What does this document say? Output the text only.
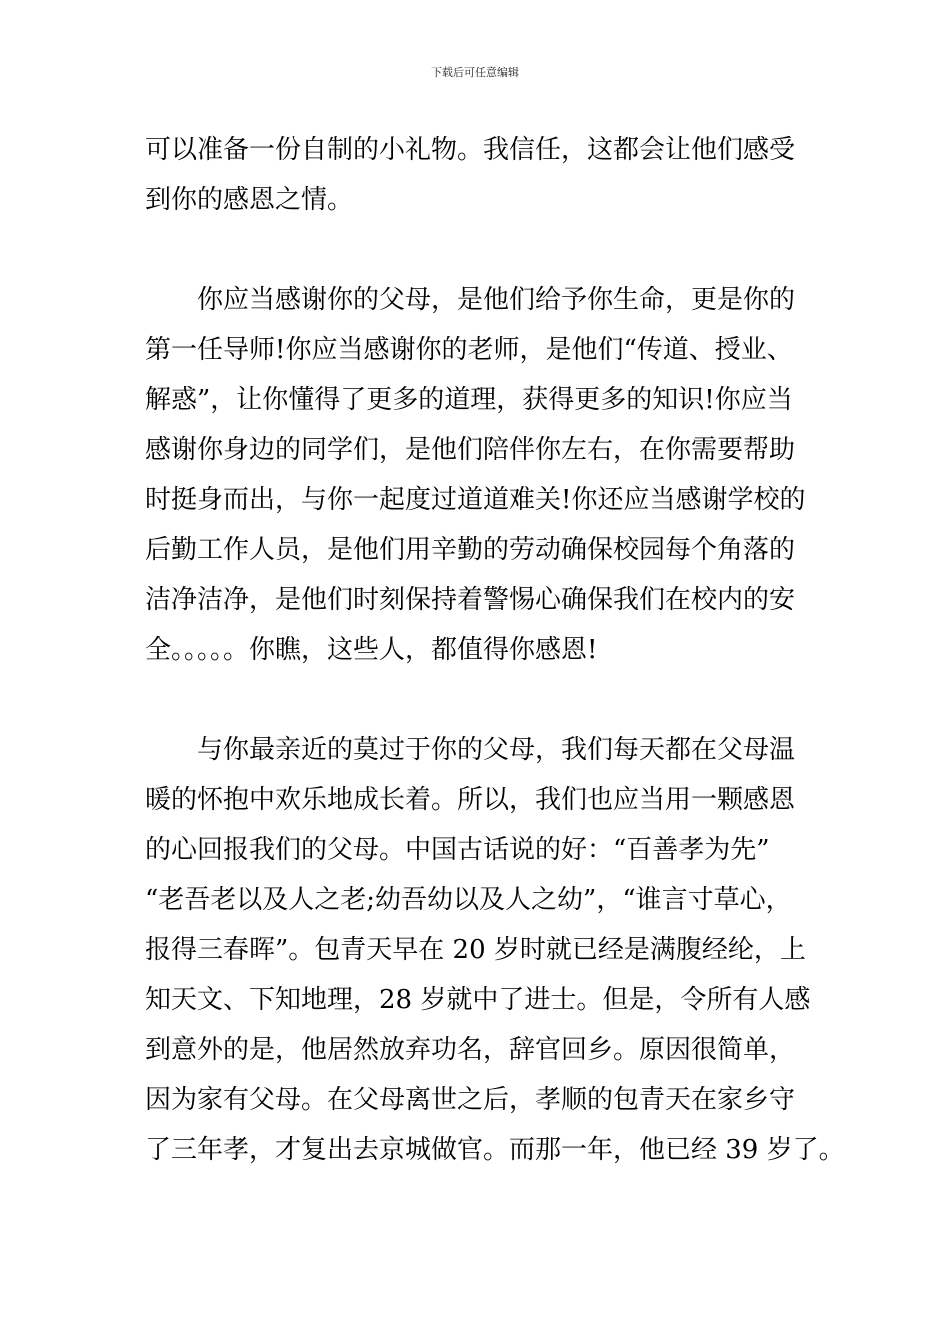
下载后可任意编辑
可以准备一份自制的小礼物。我信任，这都会让他们感受
到你的感恩之情。
你应当感谢你的父母，是他们给予你生命，更是你的
第一任导师!你应当感谢你的老师，是他们“传道、授业、
解惑”，让你懂得了更多的道理，获得更多的知识!你应当
感谢你身边的同学们，是他们陪伴你左右，在你需要帮助
时挺身而出，与你一起度过道道难关!你还应当感谢学校的
后勤工作人员，是他们用辛勤的劳动确保校园每个角落的
洁净洁净，是他们时刻保持着警惕心确保我们在校内的安
全。。。。。你瞧，这些人，都值得你感恩!
与你最亲近的莫过于你的父母，我们每天都在父母温
暖的怀抱中欢乐地成长着。所以，我们也应当用一颗感恩
的心回报我们的父母。中国古话说的好：“百善孝为先”
“老吾老以及人之老;幼吾幼以及人之幼”，“谁言寸草心，
报得三春晖”。包青天早在 20 岁时就已经是满腹经纶，上
知天文、下知地理，28 岁就中了进士。但是，令所有人感
到意外的是，他居然放弃功名，辞官回乡。原因很简单，
因为家有父母。在父母离世之后，孝顺的包青天在家乡守
了三年孝，才复出去京城做官。而那一年，他已经 39 岁了。
